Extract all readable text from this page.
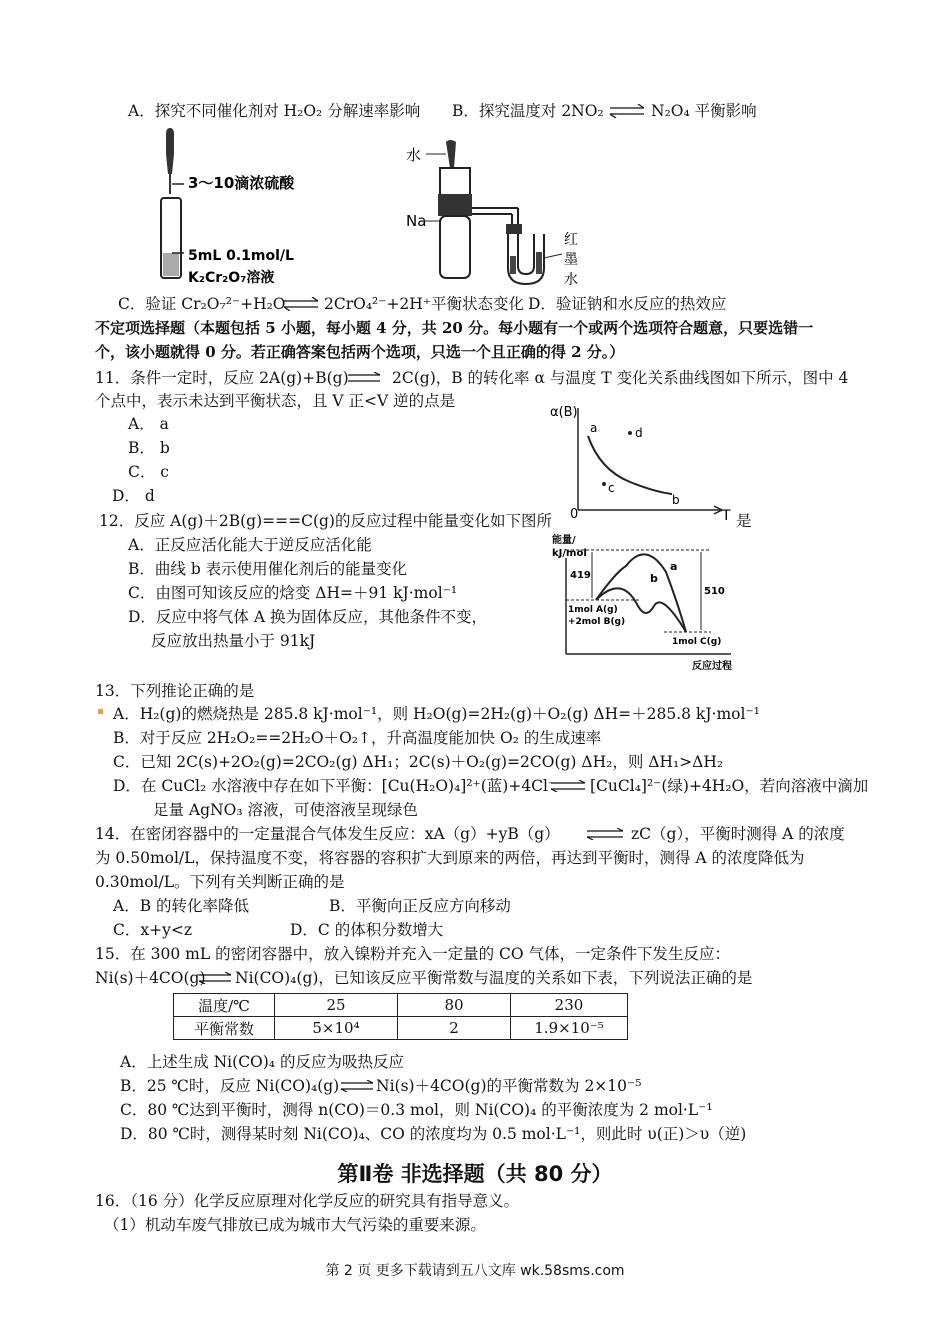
A．探究不同催化剂对 H₂O₂ 分解速率影响 B．探究温度对 2NO₂ ⇌ N₂O₄ 平衡影响
3～10滴浓硫酸
5mL 0.1mol/L
K₂Cr₂O₇溶液
水
Na
红
墨
水
C．验证 Cr₂O₇²⁻+H₂O ⇌ 2CrO₄²⁻+2H⁺平衡状态变化 D．验证钠和水反应的热效应
不定项选择题（本题包括 5 小题，每小题 4 分，共 20 分。每小题有一个或两个选项符合题意，只要选错一
个，该小题就得 0 分。若正确答案包括两个选项，只选一个且正确的得 2 分。）
11．条件一定时，反应 2A(g)+B(g)	2C(g)，B 的转化率 α 与温度 T 变化关系曲线图如下所示，图中 4
个点中，表示未达到平衡状态，且 V 正<V 逆的点是
A． a
B． b
C． c
D． d
α(B)
0	T
a	d
c
b
12．反应 A(g)＋2B(g)===C(g)的反应过程中能量变化如下图所	是
A．正反应活化能大于逆反应活化能
B．曲线 b 表示使用催化剂后的能量变化
C．由图可知该反应的焓变 ΔH=＋91 kJ·mol⁻¹
D．反应中将气体 A 换为固体反应，其他条件不变，
反应放出热量小于 91kJ
能量/
kJ/mol
419
510
a
b
1mol A(g)
+2mol B(g)
1mol C(g)
反应过程
13．下列推论正确的是
A．H₂(g)的燃烧热是 285.8 kJ·mol⁻¹，则 H₂O(g)=2H₂(g)＋O₂(g) ΔH=＋285.8 kJ·mol⁻¹
B．对于反应 2H₂O₂==2H₂O＋O₂↑，升高温度能加快 O₂ 的生成速率
C．已知 2C(s)+2O₂(g)=2CO₂(g) ΔH₁；2C(s)＋O₂(g)=2CO(g) ΔH₂，则 ΔH₁>ΔH₂
D．在 CuCl₂ 水溶液中存在如下平衡：[Cu(H₂O)₄]²⁺(蓝)+4Cl⁻ ⇌ [CuCl₄]²⁻(绿)+4H₂O，若向溶液中滴加
足量 AgNO₃ 溶液，可使溶液呈现绿色
14．在密闭容器中的一定量混合气体发生反应：xA（g）+yB（g） ⇌ zC（g），平衡时测得 A 的浓度
为 0.50mol/L，保持温度不变，将容器的容积扩大到原来的两倍，再达到平衡时，测得 A 的浓度降低为
0.30mol/L。下列有关判断正确的是
A．B 的转化率降低	B．平衡向正反应方向移动
C．x+y<z	D．C 的体积分数增大
15．在 300 mL 的密闭容器中，放入镍粉并充入一定量的 CO 气体，一定条件下发生反应：
Ni(s)＋4CO(g) ⇌ Ni(CO)₄(g)，已知该反应平衡常数与温度的关系如下表，下列说法正确的是
温度/℃	25	80	230
平衡常数	5×10⁴	2	1.9×10⁻⁵
A．上述生成 Ni(CO)₄ 的反应为吸热反应
B．25 ℃时，反应 Ni(CO)₄(g) ⇌ Ni(s)＋4CO(g)的平衡常数为 2×10⁻⁵
C．80 ℃达到平衡时，测得 n(CO)＝0.3 mol，则 Ni(CO)₄ 的平衡浓度为 2 mol·L⁻¹
D．80 ℃时，测得某时刻 Ni(CO)₄、CO 的浓度均为 0.5 mol·L⁻¹，则此时 υ(正)＞υ（逆)
第Ⅱ卷 非选择题（共 80 分）
16．（16 分）化学反应原理对化学反应的研究具有指导意义。
（1）机动车废气排放已成为城市大气污染的重要来源。
第 2 页 更多下载请到五八文库 wk.58sms.com
